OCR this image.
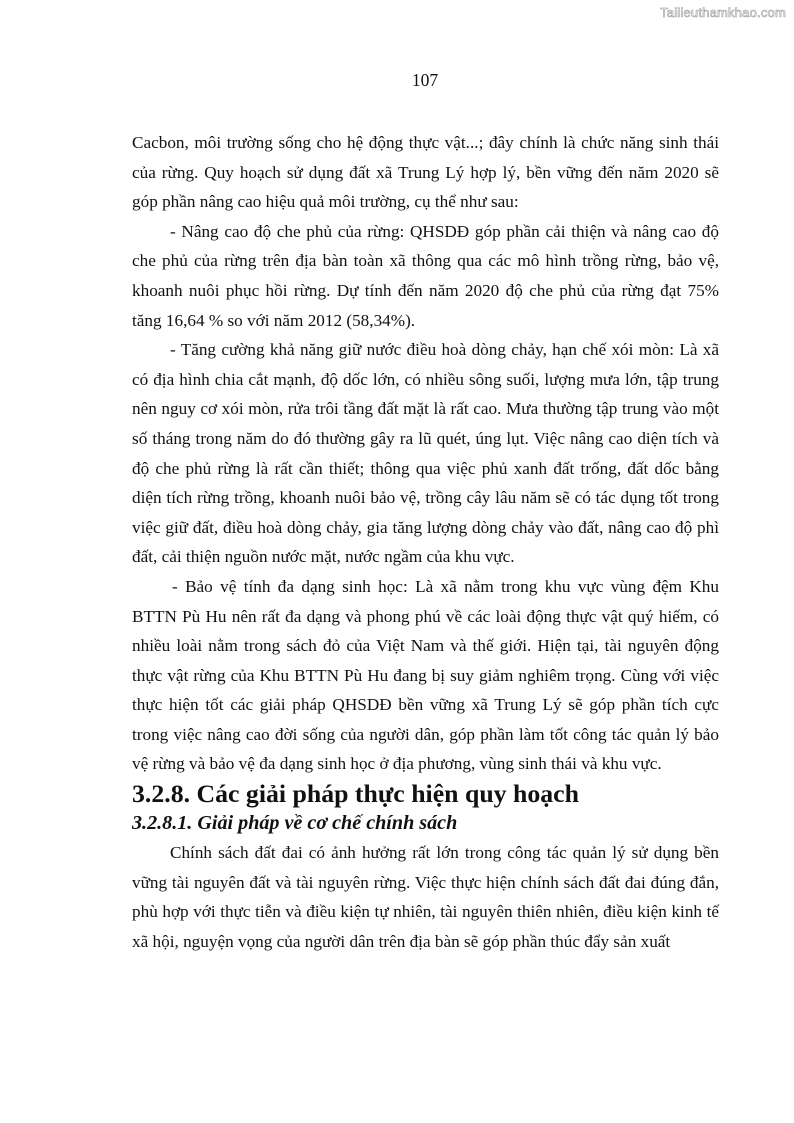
Tailieuthamkhao.com
107

Cacbon, môi trường sống cho hệ động thực vật...; đây chính là chức năng sinh thái của rừng. Quy hoạch sử dụng đất xã Trung Lý hợp lý, bền vững đến năm 2020 sẽ góp phần nâng cao hiệu quả môi trường, cụ thể như sau:

- Nâng cao độ che phủ của rừng: QHSDĐ góp phần cải thiện và nâng cao độ che phủ của rừng trên địa bàn toàn xã thông qua các mô hình trồng rừng, bảo vệ, khoanh nuôi phục hồi rừng. Dự tính đến năm 2020 độ che phủ của rừng đạt 75% tăng 16,64 % so với năm 2012 (58,34%).

- Tăng cường khả năng giữ nước điều hoà dòng chảy, hạn chế xói mòn: Là xã có địa hình chia cắt mạnh, độ dốc lớn, có nhiều sông suối, lượng mưa lớn, tập trung nên nguy cơ xói mòn, rửa trôi tầng đất mặt là rất cao. Mưa thường tập trung vào một số tháng trong năm do đó thường gây ra lũ quét, úng lụt. Việc nâng cao diện tích và độ che phủ rừng là rất cần thiết; thông qua việc phủ xanh đất trống, đất dốc bằng diện tích rừng trồng, khoanh nuôi bảo vệ, trồng cây lâu năm sẽ có tác dụng tốt trong việc giữ đất, điều hoà dòng chảy, gia tăng lượng dòng chảy vào đất, nâng cao độ phì đất, cải thiện nguồn nước mặt, nước ngầm của khu vực.

- Bảo vệ tính đa dạng sinh học: Là xã nằm trong khu vực vùng đệm Khu BTTN Pù Hu nên rất đa dạng và phong phú về các loài động thực vật quý hiếm, có nhiều loài nằm trong sách đỏ của Việt Nam và thế giới. Hiện tại, tài nguyên động thực vật rừng của Khu BTTN Pù Hu đang bị suy giảm nghiêm trọng. Cùng với việc thực hiện tốt các giải pháp QHSDĐ bền vững xã Trung Lý sẽ góp phần tích cực trong việc nâng cao đời sống của người dân, góp phần làm tốt công tác quản lý bảo vệ rừng và bảo vệ đa dạng sinh học ở địa phương, vùng sinh thái và khu vực.

3.2.8. Các giải pháp thực hiện quy hoạch
3.2.8.1. Giải pháp về cơ chế chính sách

Chính sách đất đai có ảnh hưởng rất lớn trong công tác quản lý sử dụng bền vững tài nguyên đất và tài nguyên rừng. Việc thực hiện chính sách đất đai đúng đắn, phù hợp với thực tiễn và điều kiện tự nhiên, tài nguyên thiên nhiên, điều kiện kinh tế xã hội, nguyện vọng của người dân trên địa bàn sẽ góp phần thúc đẩy sản xuất
